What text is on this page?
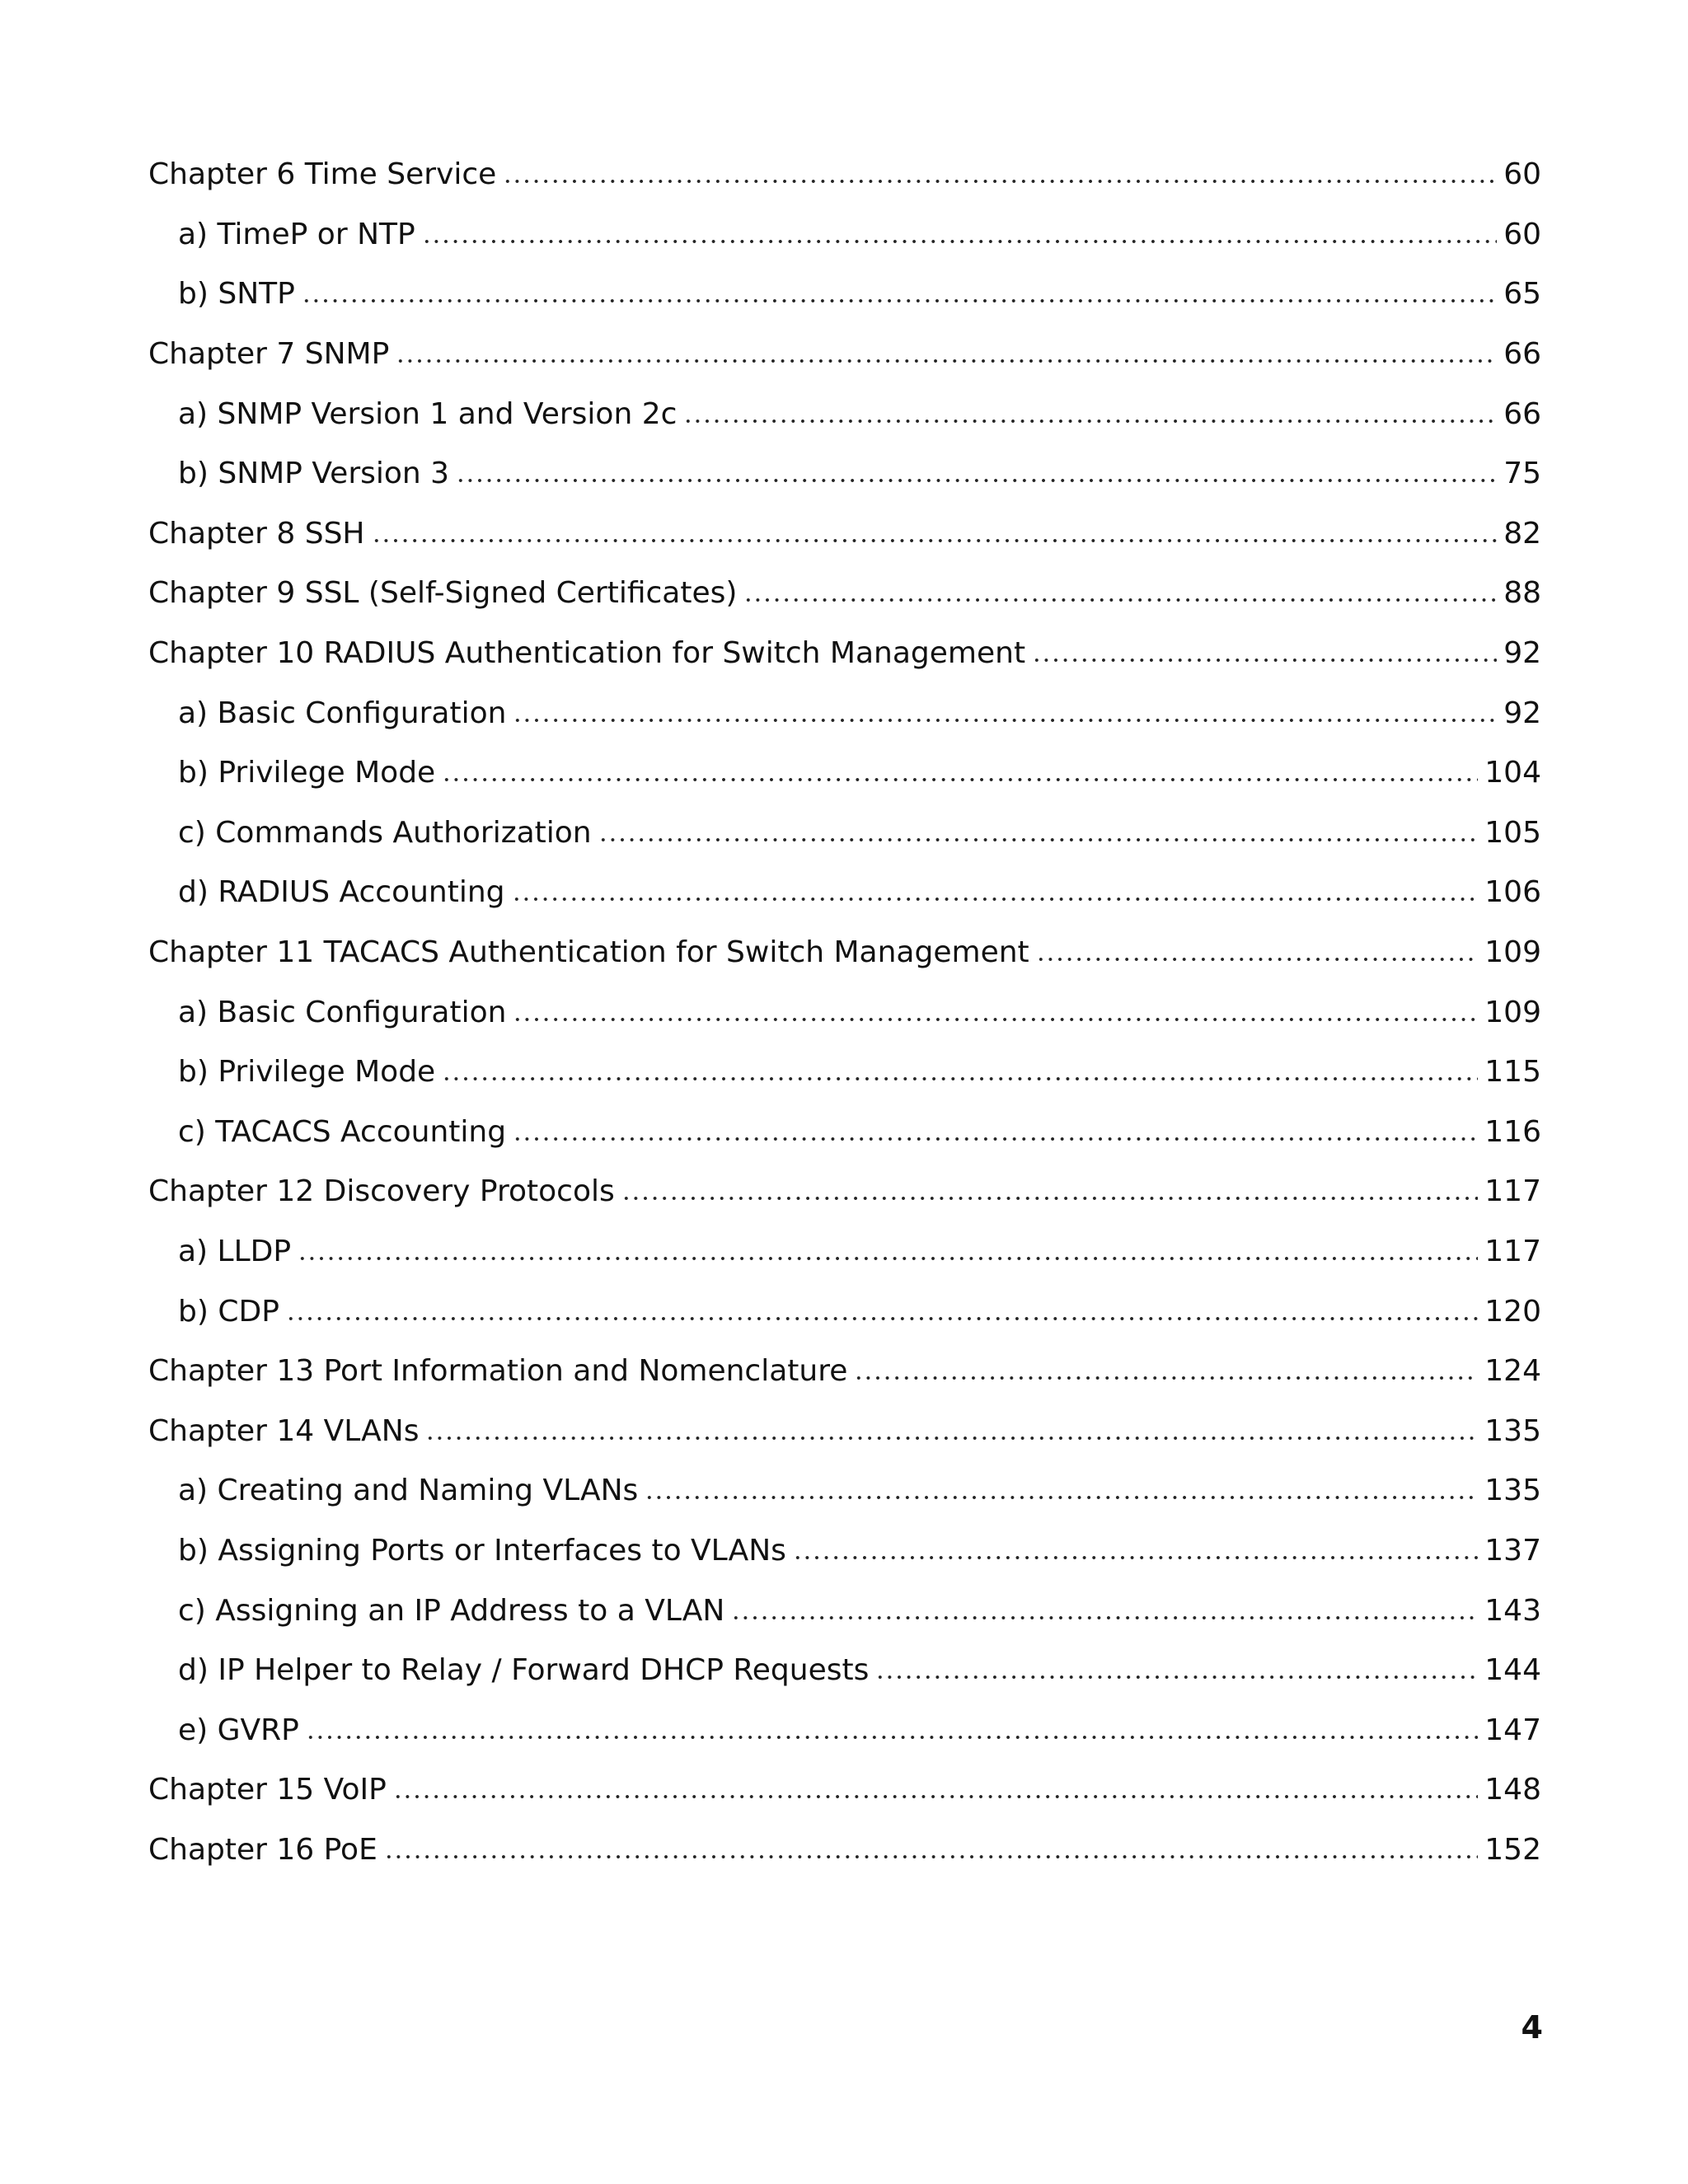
Chapter 6 Time Service	60
a) TimeP or NTP	60
b) SNTP	65
Chapter 7 SNMP	66
a) SNMP Version 1 and Version 2c	66
b) SNMP Version 3	75
Chapter 8 SSH	82
Chapter 9 SSL (Self-Signed Certificates)	88
Chapter 10 RADIUS Authentication for Switch Management	92
a) Basic Configuration	92
b) Privilege Mode	104
c) Commands Authorization	105
d) RADIUS Accounting	106
Chapter 11 TACACS Authentication for Switch Management	109
a) Basic Configuration	109
b) Privilege Mode	115
c) TACACS Accounting	116
Chapter 12 Discovery Protocols	117
a) LLDP	117
b) CDP	120
Chapter 13 Port Information and Nomenclature	124
Chapter 14 VLANs	135
a) Creating and Naming VLANs	135
b) Assigning Ports or Interfaces to VLANs	137
c) Assigning an IP Address to a VLAN	143
d) IP Helper to Relay / Forward DHCP Requests	144
e) GVRP	147
Chapter 15 VoIP	148
Chapter 16 PoE	152
4
